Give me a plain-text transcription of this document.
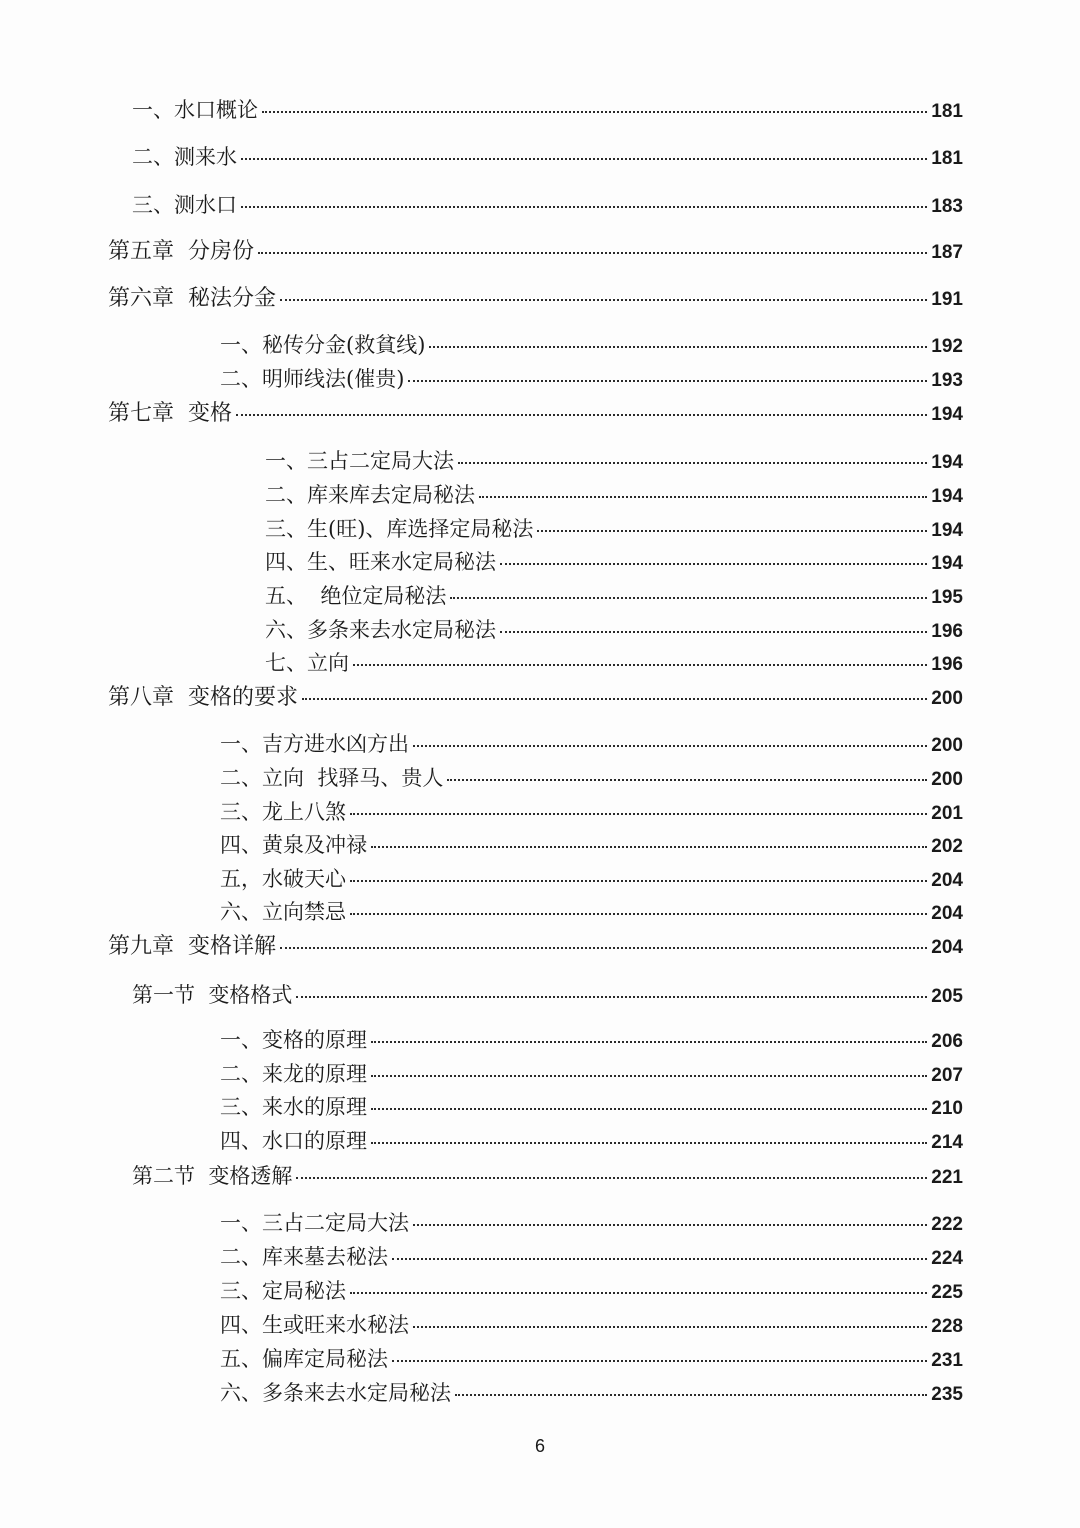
一、水口概论	181
二、测来水	181
三、测水口	183
第五章  分房份	187
第六章  秘法分金	191
一、秘传分金(救貧线)	192
二、明师线法(催贵)	193
第七章  变格	194
一、三占二定局大法	194
二、库来库去定局秘法	194
三、生(旺)、库选择定局秘法	194
四、生、旺来水定局秘法	194
五、  绝位定局秘法	195
六、多条来去水定局秘法	196
七、立向	196
第八章  变格的要求	200
一、吉方进水凶方出	200
二、立向  找驿马、贵人	200
三、龙上八煞	201
四、黄泉及冲禄	202
五，水破天心	204
六、立向禁忌	204
第九章  变格详解	204
第一节  变格格式	205
一、变格的原理	206
二、来龙的原理	207
三、来水的原理	210
四、水口的原理	214
第二节  变格透解	221
一、三占二定局大法	222
二、库来墓去秘法	224
三、定局秘法	225
四、生或旺来水秘法	228
五、偏库定局秘法	231
六、多条来去水定局秘法	235
6
